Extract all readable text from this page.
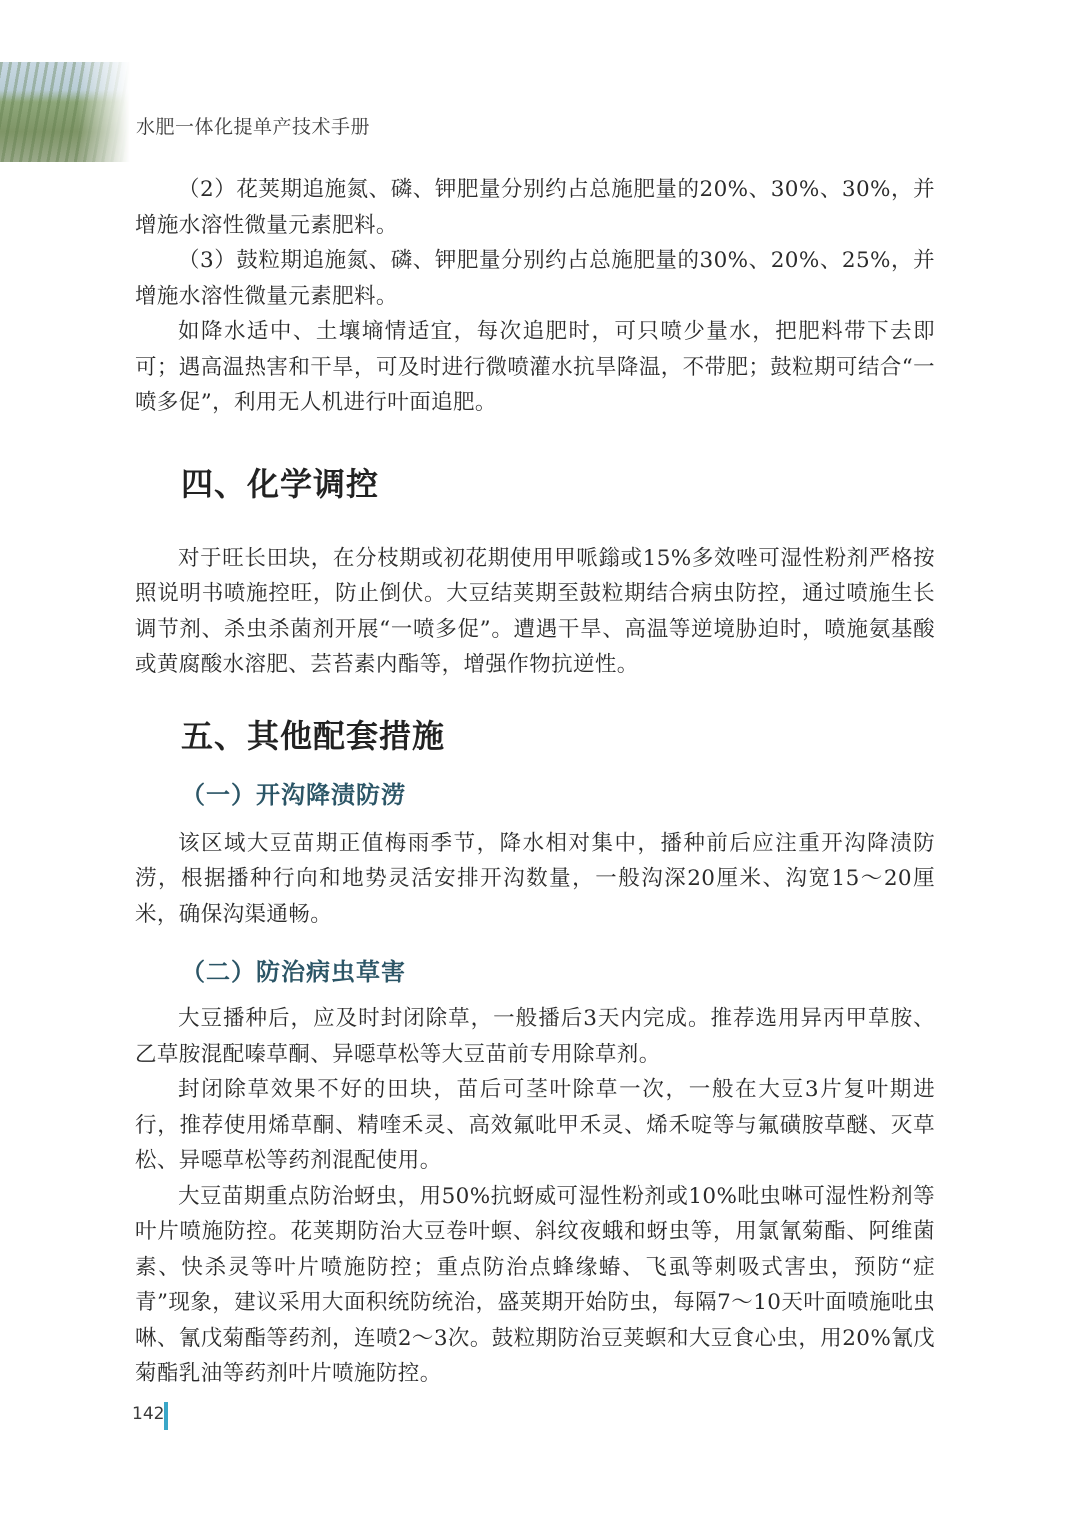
水肥一体化提单产技术手册

（2）花荚期追施氮、磷、钾肥量分别约占总施肥量的20%、30%、30%，并增施水溶性微量元素肥料。

（3）鼓粒期追施氮、磷、钾肥量分别约占总施肥量的30%、20%、25%，并增施水溶性微量元素肥料。

如降水适中、土壤墒情适宜，每次追肥时，可只喷少量水，把肥料带下去即可；遇高温热害和干旱，可及时进行微喷灌水抗旱降温，不带肥；鼓粒期可结合“一喷多促”，利用无人机进行叶面追肥。

四、化学调控

对于旺长田块，在分枝期或初花期使用甲哌鎓或15%多效唑可湿性粉剂严格按照说明书喷施控旺，防止倒伏。大豆结荚期至鼓粒期结合病虫防控，通过喷施生长调节剂、杀虫杀菌剂开展“一喷多促”。遭遇干旱、高温等逆境胁迫时，喷施氨基酸或黄腐酸水溶肥、芸苔素内酯等，增强作物抗逆性。

五、其他配套措施
（一）开沟降渍防涝

该区域大豆苗期正值梅雨季节，降水相对集中，播种前后应注重开沟降渍防涝，根据播种行向和地势灵活安排开沟数量，一般沟深20厘米、沟宽15～20厘米，确保沟渠通畅。

（二）防治病虫草害

大豆播种后，应及时封闭除草，一般播后3天内完成。推荐选用异丙甲草胺、乙草胺混配嗪草酮、异噁草松等大豆苗前专用除草剂。

封闭除草效果不好的田块，苗后可茎叶除草一次，一般在大豆3片复叶期进行，推荐使用烯草酮、精喹禾灵、高效氟吡甲禾灵、烯禾啶等与氟磺胺草醚、灭草松、异噁草松等药剂混配使用。

大豆苗期重点防治蚜虫，用50%抗蚜威可湿性粉剂或10%吡虫啉可湿性粉剂等叶片喷施防控。花荚期防治大豆卷叶螟、斜纹夜蛾和蚜虫等，用氯氰菊酯、阿维菌素、快杀灵等叶片喷施防控；重点防治点蜂缘蝽、飞虱等刺吸式害虫，预防“症青”现象，建议采用大面积统防统治，盛荚期开始防虫，每隔7～10天叶面喷施吡虫啉、氰戊菊酯等药剂，连喷2～3次。鼓粒期防治豆荚螟和大豆食心虫，用20%氰戊菊酯乳油等药剂叶片喷施防控。

142
